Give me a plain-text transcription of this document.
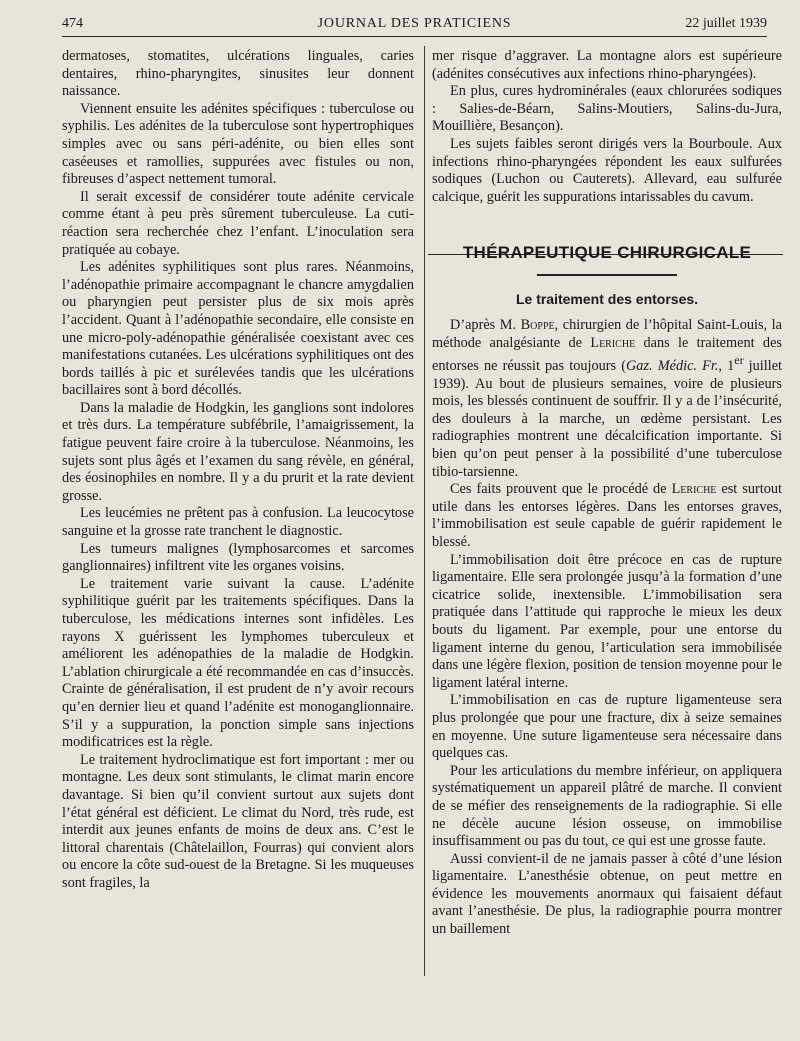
474	JOURNAL DES PRATICIENS	22 juillet 1939

dermatoses, stomatites, ulcérations linguales, caries dentaires, rhino-pharyngites, sinusites leur donnent naissance.

Viennent ensuite les adénites spécifiques : tuberculose ou syphilis. Les adénites de la tuberculose sont hypertrophiques simples avec ou sans péri-adénite, ou bien elles sont caséeuses et ramollies, suppurées avec fistules ou non, fibreuses d’aspect nettement tumoral.

Il serait excessif de considérer toute adénite cervicale comme étant à peu près sûrement tuberculeuse. La cuti-réaction sera recherchée chez l’enfant. L’inoculation sera pratiquée au cobaye.

Les adénites syphilitiques sont plus rares. Néanmoins, l’adénopathie primaire accompagnant le chancre amygdalien ou pharyngien peut persister plus de six mois après l’accident. Quant à l’adénopathie secondaire, elle consiste en une micro-poly-adénopathie généralisée coexistant avec ces manifestations cutanées. Les ulcérations syphilitiques ont des bords taillés à pic et surélevées tandis que les ulcérations bacillaires sont à bord décollés.

Dans la maladie de Hodgkin, les ganglions sont indolores et très durs. La température subfébrile, l’amaigrissement, la fatigue peuvent faire croire à la tuberculose. Néanmoins, les sujets sont plus âgés et l’examen du sang révèle, en général, des éosinophiles en nombre. Il y a du prurit et la rate devient grosse.

Les leucémies ne prêtent pas à confusion. La leucocytose sanguine et la grosse rate tranchent le diagnostic.

Les tumeurs malignes (lymphosarcomes et sarcomes ganglionnaires) infiltrent vite les organes voisins.

Le traitement varie suivant la cause. L’adénite syphilitique guérit par les traitements spécifiques. Dans la tuberculose, les médications internes sont infidèles. Les rayons X guérissent les lymphomes tuberculeux et améliorent les adénopathies de la maladie de Hodgkin. L’ablation chirurgicale a été recommandée en cas d’insuccès. Crainte de généralisation, il est prudent de n’y avoir recours qu’en dernier lieu et quand l’adénite est monoganglionnaire. S’il y a suppuration, la ponction simple sans injections modificatrices est la règle.

Le traitement hydroclimatique est fort important : mer ou montagne. Les deux sont stimulants, le climat marin encore davantage. Si bien qu’il convient surtout aux sujets dont l’état général est déficient. Le climat du Nord, très rude, est interdit aux jeunes enfants de moins de deux ans. C’est le littoral charentais (Châtelaillon, Fourras) qui convient alors ou encore la côte sud-ouest de la Bretagne. Si les muqueuses sont fragiles, la

mer risque d’aggraver. La montagne alors est supérieure (adénites consécutives aux infections rhino-pharyngées).

En plus, cures hydrominérales (eaux chlorurées sodiques : Salies-de-Béarn, Salins-Moutiers, Salins-du-Jura, Mouillière, Besançon).

Les sujets faibles seront dirigés vers la Bourboule. Aux infections rhino-pharyngées répondent les eaux sulfurées sodiques (Luchon ou Cauterets). Allevard, eau sulfurée calcique, guérit les suppurations intarissables du cavum.

THÉRAPEUTIQUE CHIRURGICALE

Le traitement des entorses.

D’après M. Boppe, chirurgien de l’hôpital Saint-Louis, la méthode analgésiante de Leriche dans le traitement des entorses ne réussit pas toujours (Gaz. Médic. Fr., 1er juillet 1939). Au bout de plusieurs semaines, voire de plusieurs mois, les blessés continuent de souffrir. Il y a de l’insécurité, des douleurs à la marche, un œdème persistant. Les radiographies montrent une décalcification importante. Si bien qu’on peut penser à la possibilité d’une tuberculose tibio-tarsienne.

Ces faits prouvent que le procédé de Leriche est surtout utile dans les entorses légères. Dans les entorses graves, l’immobilisation est seule capable de guérir rapidement le blessé.

L’immobilisation doit être précoce en cas de rupture ligamentaire. Elle sera prolongée jusqu’à la formation d’une cicatrice solide, inextensible. L’immobilisation sera pratiquée dans l’attitude qui rapproche le mieux les deux bouts du ligament. Par exemple, pour une entorse du ligament interne du genou, l’articulation sera immobilisée dans une légère flexion, position de tension moyenne pour le ligament latéral interne.

L’immobilisation en cas de rupture ligamenteuse sera plus prolongée que pour une fracture, dix à seize semaines en moyenne. Une suture ligamenteuse sera nécessaire dans quelques cas.

Pour les articulations du membre inférieur, on appliquera systématiquement un appareil plâtré de marche. Il convient de se méfier des renseignements de la radiographie. Si elle ne décèle aucune lésion osseuse, on immobilise insuffisamment ou pas du tout, ce qui est une grosse faute.

Aussi convient-il de ne jamais passer à côté d’une lésion ligamentaire. L’anesthésie obtenue, on peut mettre en évidence les mouvements anormaux qui faisaient défaut avant l’anesthésie. De plus, la radiographie pourra montrer un baillement
